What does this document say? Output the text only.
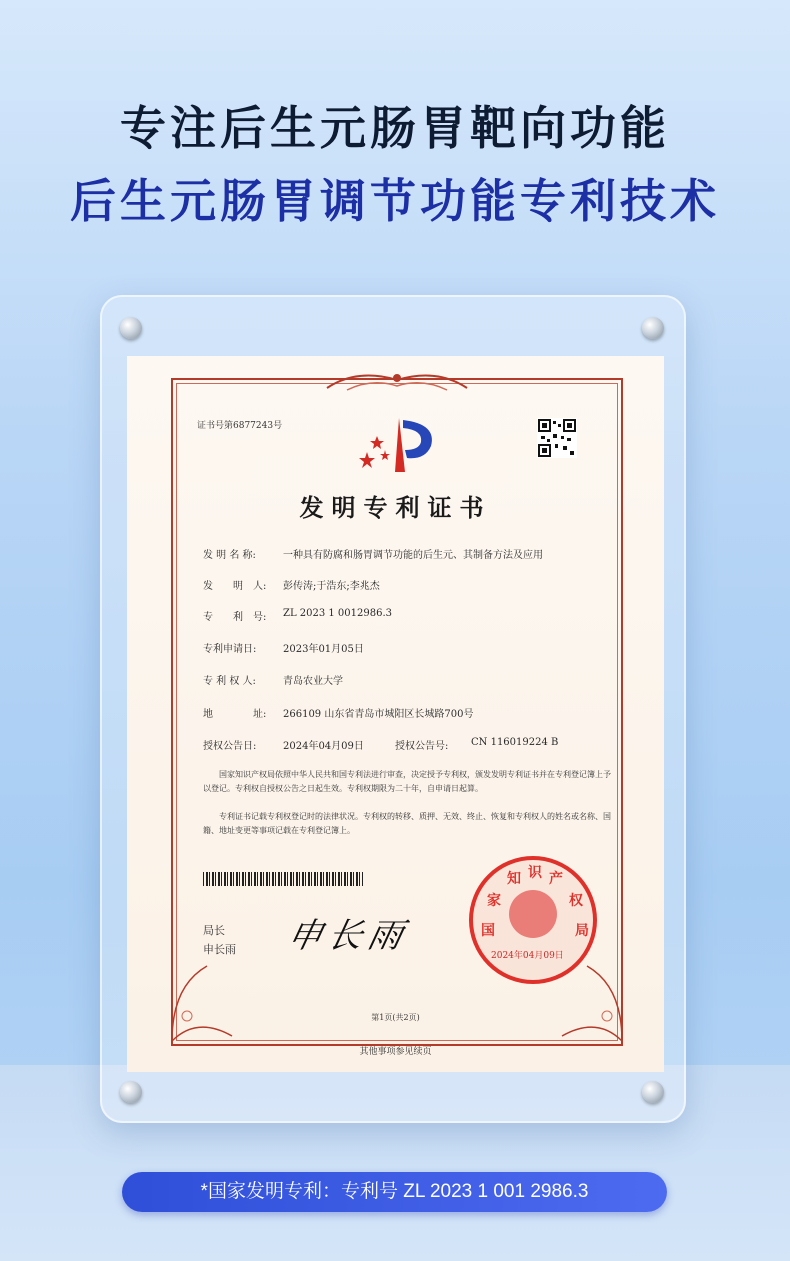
专注后生元肠胃靶向功能
后生元肠胃调节功能专利技术
证书号第6877243号
发明专利证书
发 明 名 称:	一种具有防腐和肠胃调节功能的后生元、其制备方法及应用
发　　明　人:	彭传涛;于浩东;李兆杰
专　　利　号:	ZL 2023 1 0012986.3
专利申请日:	2023年01月05日
专 利 权 人:	青岛农业大学
地　　　　址:	266109 山东省青岛市城阳区长城路700号
授权公告日:	2024年04月09日	授权公告号:	CN 116019224 B
国家知识产权局依照中华人民共和国专利法进行审查，决定授予专利权，颁发发明专利证书并在专利登记簿上予以登记。专利权自授权公告之日起生效。专利权期限为二十年，自申请日起算。
专利证书记载专利权登记时的法律状况。专利权的转移、质押、无效、终止、恢复和专利权人的姓名或名称、国籍、地址变更等事项记载在专利登记簿上。
局长
申长雨 申长雨	国
家
知 识 产
权
局
2024年04月09日
第1页(共2页)
其他事项参见续页
*国家发明专利：专利号 ZL 2023 1 001 2986.3
